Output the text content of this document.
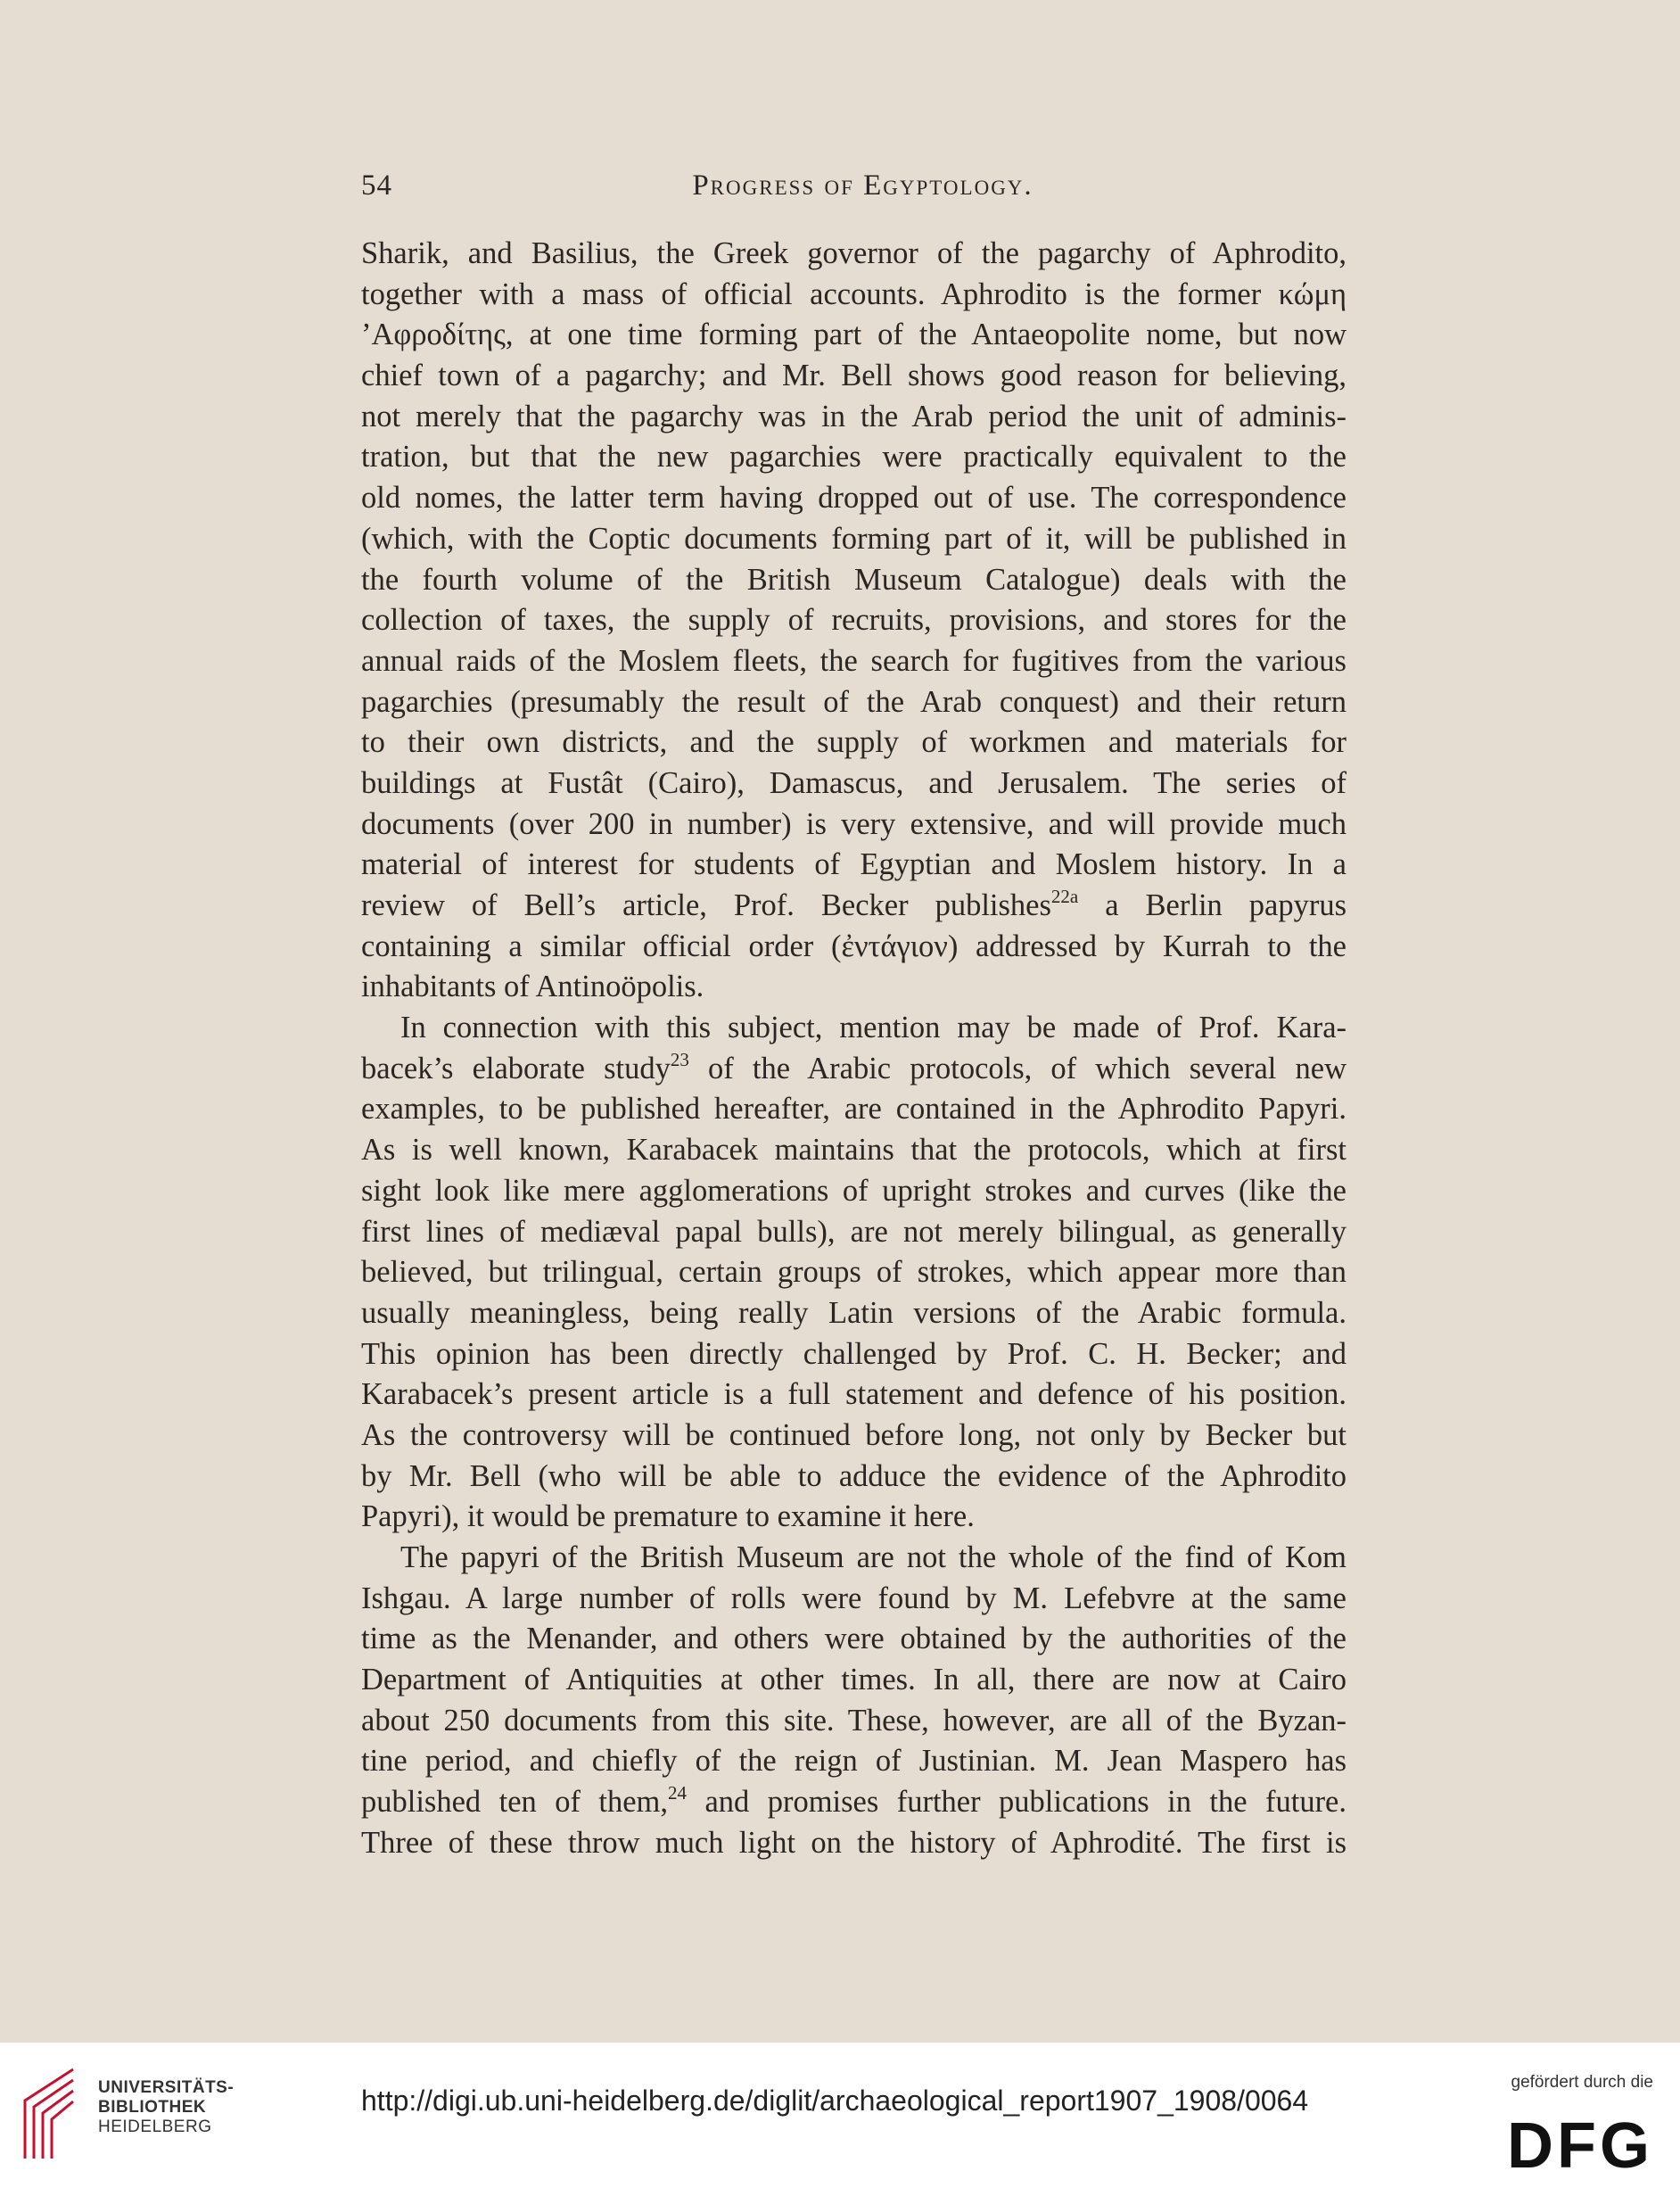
54	Progress of Egyptology.
Sharik, and Basilius, the Greek governor of the pagarchy of Aphrodito,
together with a mass of official accounts. Aphrodito is the former κώμη
’Αφροδίτης, at one time forming part of the Antaeopolite nome, but now
chief town of a pagarchy; and Mr. Bell shows good reason for believing,
not merely that the pagarchy was in the Arab period the unit of adminis-
tration, but that the new pagarchies were practically equivalent to the
old nomes, the latter term having dropped out of use. The correspondence
(which, with the Coptic documents forming part of it, will be published in
the fourth volume of the British Museum Catalogue) deals with the
collection of taxes, the supply of recruits, provisions, and stores for the
annual raids of the Moslem fleets, the search for fugitives from the various
pagarchies (presumably the result of the Arab conquest) and their return
to their own districts, and the supply of workmen and materials for
buildings at Fustât (Cairo), Damascus, and Jerusalem. The series of
documents (over 200 in number) is very extensive, and will provide much
material of interest for students of Egyptian and Moslem history. In a
review of Bell’s article, Prof. Becker publishes$^{22a}$ a Berlin papyrus
containing a similar official order (ἐντάγιον) addressed by Kurrah to the
inhabitants of Antinoöpolis.
In connection with this subject, mention may be made of Prof. Kara-
bacek’s elaborate study$^{23}$ of the Arabic protocols, of which several new
examples, to be published hereafter, are contained in the Aphrodito Papyri.
As is well known, Karabacek maintains that the protocols, which at first
sight look like mere agglomerations of upright strokes and curves (like the
first lines of mediæval papal bulls), are not merely bilingual, as generally
believed, but trilingual, certain groups of strokes, which appear more than
usually meaningless, being really Latin versions of the Arabic formula.
This opinion has been directly challenged by Prof. C. H. Becker; and
Karabacek’s present article is a full statement and defence of his position.
As the controversy will be continued before long, not only by Becker but
by Mr. Bell (who will be able to adduce the evidence of the Aphrodito
Papyri), it would be premature to examine it here.
The papyri of the British Museum are not the whole of the find of Kom
Ishgau. A large number of rolls were found by M. Lefebvre at the same
time as the Menander, and others were obtained by the authorities of the
Department of Antiquities at other times. In all, there are now at Cairo
about 250 documents from this site. These, however, are all of the Byzan-
tine period, and chiefly of the reign of Justinian. M. Jean Maspero has
published ten of them,$^{24}$ and promises further publications in the future.
Three of these throw much light on the history of Aphrodité. The first is
UNIVERSITÄTS-
BIBLIOTHEK
HEIDELBERG
http://digi.ub.uni-heidelberg.de/diglit/archaeological_report1907_1908/0064
gefördert durch die
DFG
